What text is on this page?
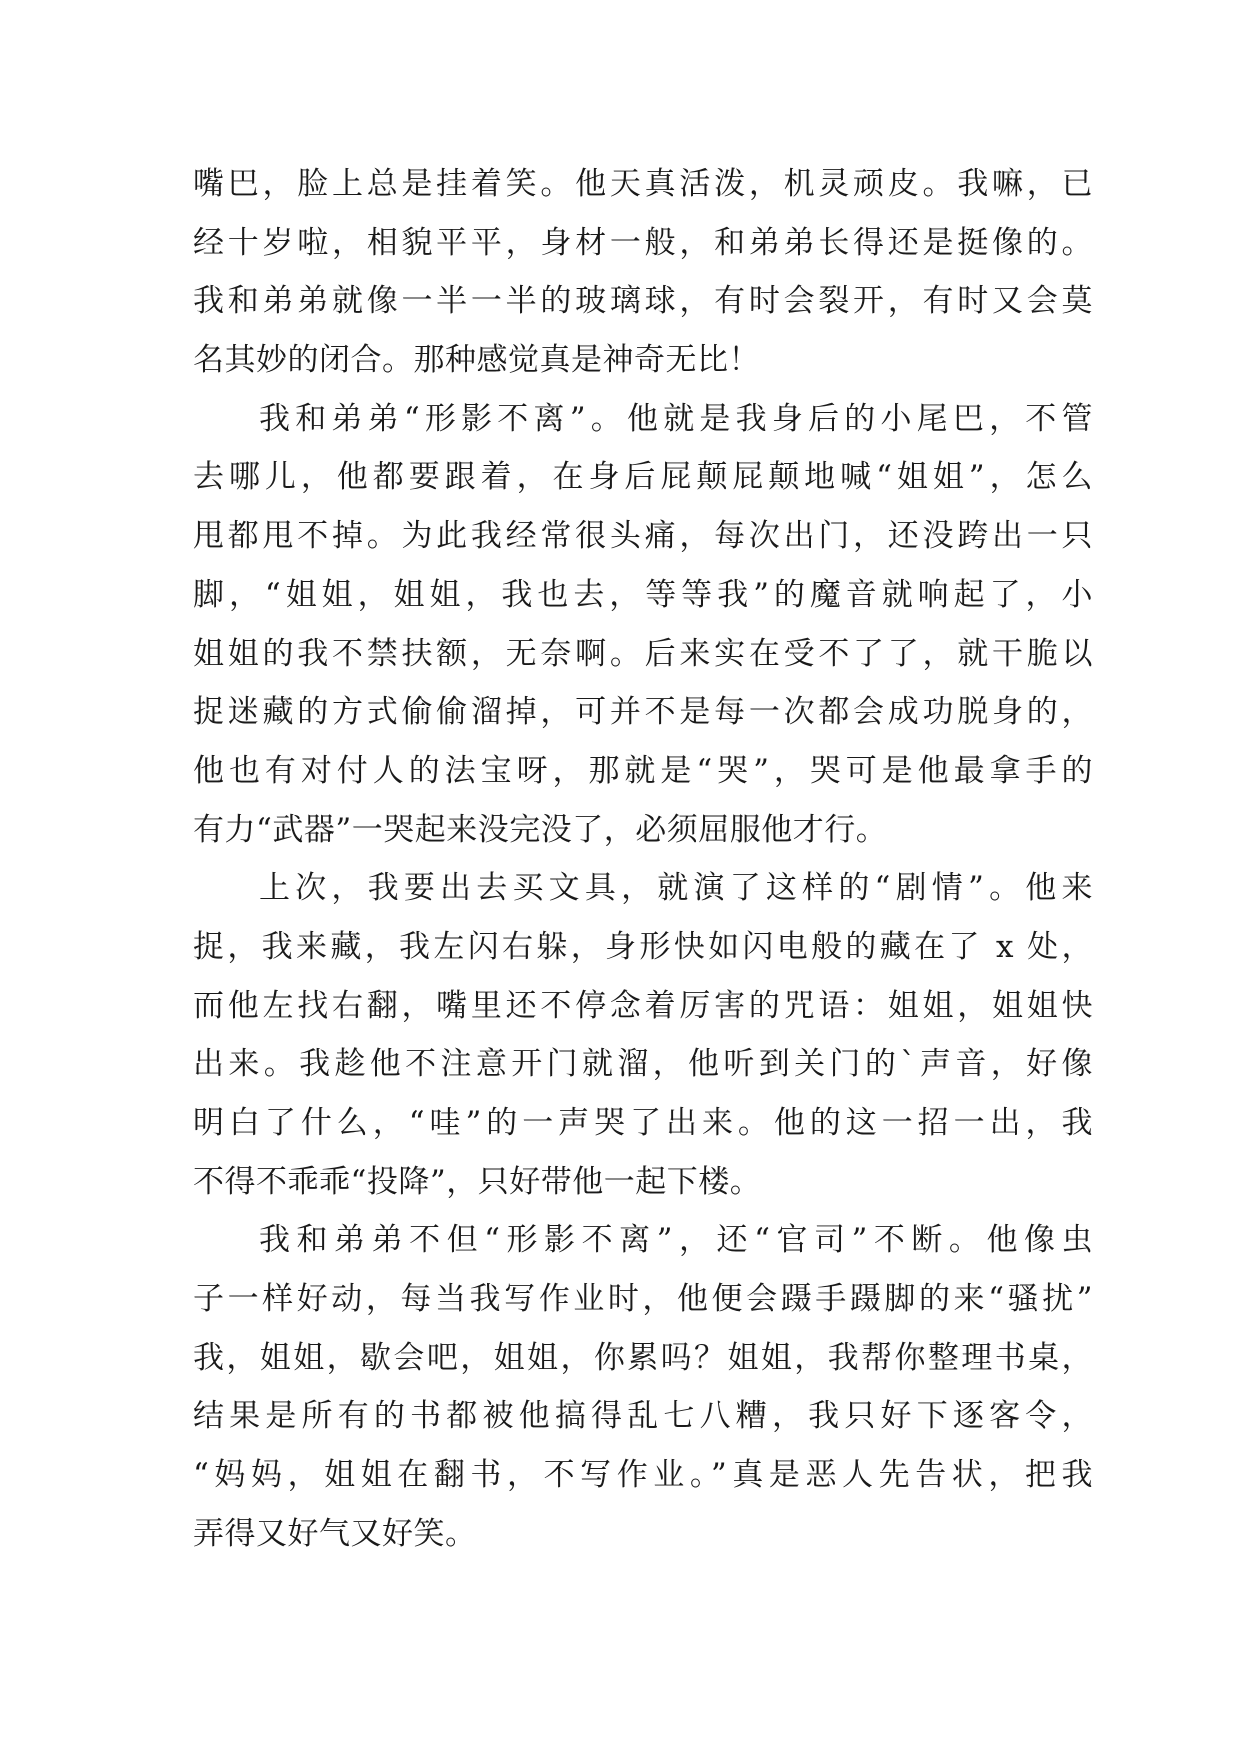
嘴巴，脸上总是挂着笑。他天真活泼，机灵顽皮。我嘛，已
经十岁啦，相貌平平，身材一般，和弟弟长得还是挺像的。
我和弟弟就像一半一半的玻璃球，有时会裂开，有时又会莫
名其妙的闭合。那种感觉真是神奇无比！
我和弟弟“形影不离”。他就是我身后的小尾巴，不管
去哪儿，他都要跟着，在身后屁颠屁颠地喊“姐姐”，怎么
甩都甩不掉。为此我经常很头痛，每次出门，还没跨出一只
脚，“姐姐，姐姐，我也去，等等我”的魔音就响起了，小
姐姐的我不禁扶额，无奈啊。后来实在受不了了，就干脆以
捉迷藏的方式偷偷溜掉，可并不是每一次都会成功脱身的，
他也有对付人的法宝呀，那就是“哭”，哭可是他最拿手的
有力“武器”一哭起来没完没了，必须屈服他才行。
上次，我要出去买文具，就演了这样的“剧情”。他来
捉，我来藏，我左闪右躲，身形快如闪电般的藏在了 x 处，
而他左找右翻，嘴里还不停念着厉害的咒语：姐姐，姐姐快
出来。我趁他不注意开门就溜，他听到关门的`声音，好像
明白了什么，“哇”的一声哭了出来。他的这一招一出，我
不得不乖乖“投降”，只好带他一起下楼。
我和弟弟不但“形影不离”，还“官司”不断。他像虫
子一样好动，每当我写作业时，他便会蹑手蹑脚的来“骚扰”
我，姐姐，歇会吧，姐姐，你累吗？姐姐，我帮你整理书桌，
结果是所有的书都被他搞得乱七八糟，我只好下逐客令，
“妈妈，姐姐在翻书，不写作业。”真是恶人先告状，把我
弄得又好气又好笑。
